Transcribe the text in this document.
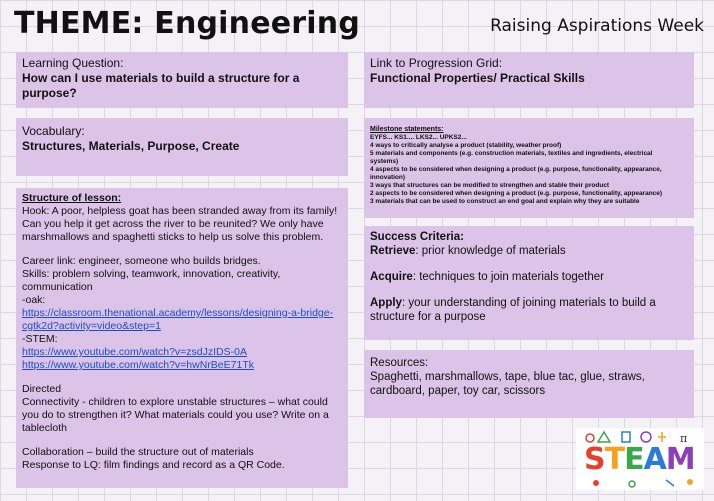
THEME: Engineering	Raising Aspirations Week
Learning Question:
How can I use materials to build a structure for a purpose?
Link to Progression Grid:
Functional Properties/ Practical Skills
Vocabulary:
Structures, Materials, Purpose, Create
Milestone statements:
EYFS... KS1.... LKS2... UPKS2...
4 ways to critically analyse a product (stability, weather proof)
5 materials and components (e.g. construction materials, textiles and ingredients, electrical
systems)
4 aspects to be considered when designing a product (e.g. purpose, functionality, appearance,
innovation)
3 ways that structures can be modified to strengthen and stable their product
2 aspects to be considered when designing a product (e.g. purpose, functionality, appearance)
3 materials that can be used to construct an end goal and explain why they are suitable

Structure of lesson:

Hook: A poor, helpless goat has been stranded away from its family! Can you help it get across the river to be reunited? We only have marshmallows and spaghetti sticks to help us solve this problem.

Career link: engineer, someone who builds bridges.

Skills: problem solving, teamwork, innovation, creativity, communication

-oak:

https://classroom.thenational.academy/lessons/designing-a-bridge-cgtk2d?activity=video&step=1

-STEM:

https://www.youtube.com/watch?v=zsdJzIDS-0A

https://www.youtube.com/watch?v=hwNrBeE71Tk

Directed

Connectivity - children to explore unstable structures – what could you do to strengthen it? What materials could you use? Write on a tablecloth

Collaboration – build the structure out of materials

Response to LQ: film findings and record as a QR Code.

Success Criteria:

Retrieve: prior knowledge of materials

Acquire: techniques to join materials together

Apply: your understanding of joining materials to build a structure for a purpose

Resources:

Spaghetti, marshmallows, tape, blue tac, glue, straws, cardboard, paper, toy car, scissors

π
STEAM
